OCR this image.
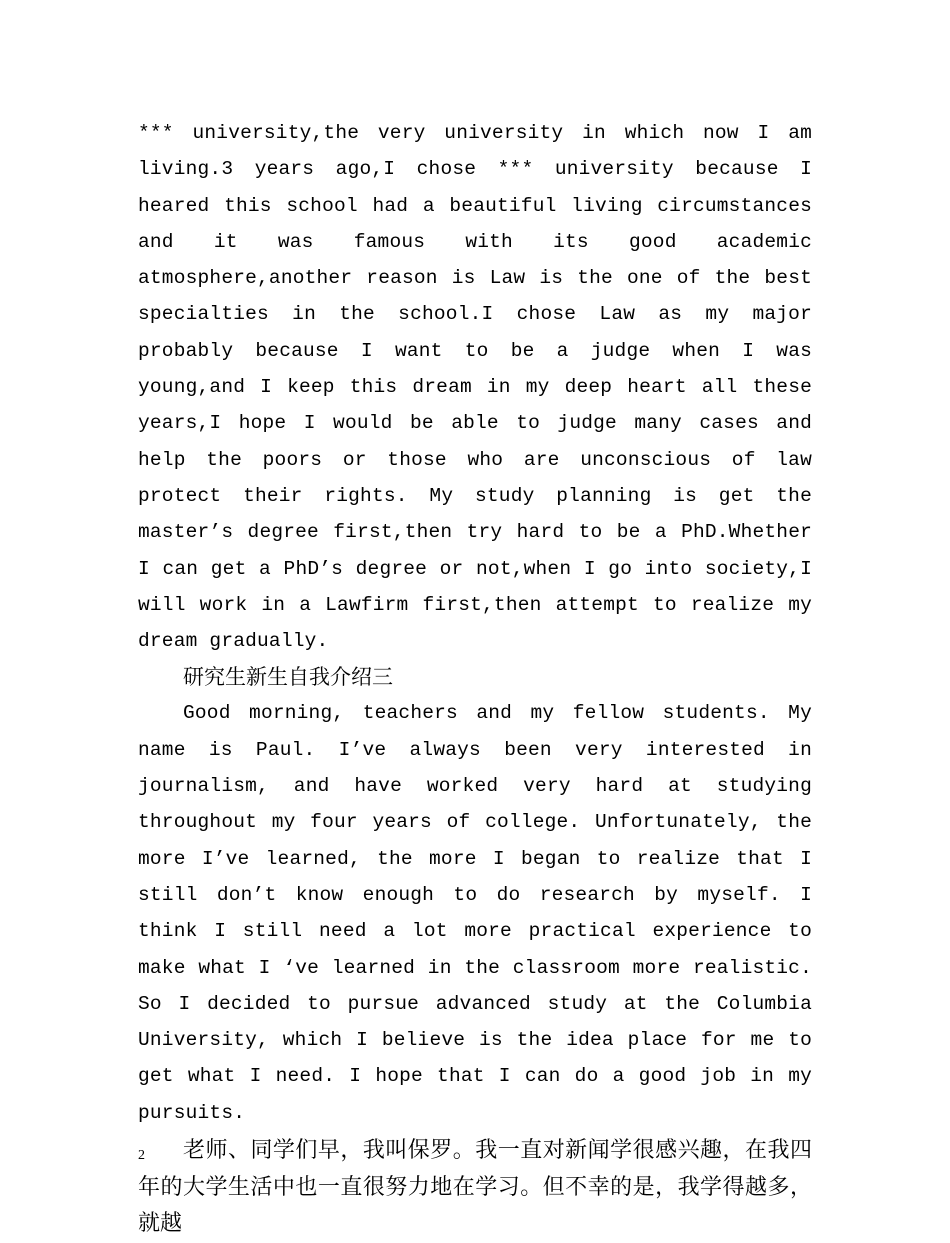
*** university,the very university in which now I am living.3 years ago,I chose *** university because I heared this school had a beautiful living circumstances and it was famous with its good academic atmosphere,another reason is Law is the one of the best specialties in the school.I chose Law as my major probably because I want to be a judge when I was young,and I keep this dream in my deep heart all these years,I hope I would be able to judge many cases and help the poors or those who are unconscious of law protect their rights. My study planning is get the master’s degree first,then try hard to be a PhD.Whether I can get a PhD’s degree or not,when I go into society,I will work in a Lawfirm first,then attempt to realize my dream gradually.

研究生新生自我介绍三

Good morning, teachers and my fellow students. My name is Paul. I’ve always been very interested in journalism, and have worked very hard at studying throughout my four years of college. Unfortunately, the more I’ve learned, the more I began to realize that I still don’t know enough to do research by myself. I think I still need a lot more practical experience to make what I ‘ve learned in the classroom more realistic. So I decided to pursue advanced study at the Columbia University, which I believe is the idea place for me to get what I need. I hope that I can do a good job in my pursuits.

老师、同学们早，我叫保罗。我一直对新闻学很感兴趣，在我四年的大学生活中也一直很努力地在学习。但不幸的是，我学得越多，就越

2
